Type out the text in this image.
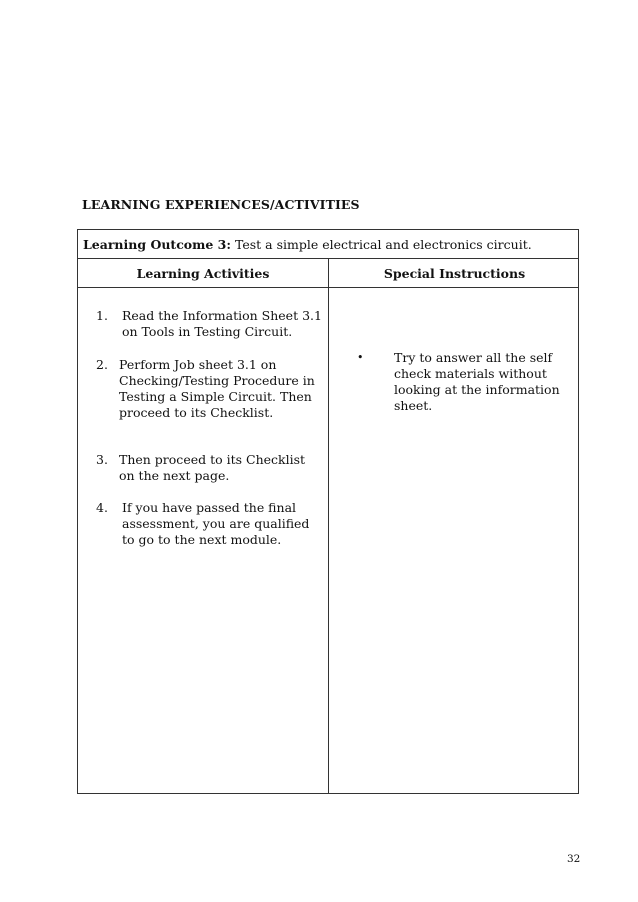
LEARNING EXPERIENCES/ACTIVITIES
Learning Outcome 3: Test a simple electrical and electronics circuit.
Learning Activities	Special Instructions
1. Read the Information Sheet 3.1
on Tools in Testing Circuit.
2. Perform Job sheet 3.1 on
Checking/Testing Procedure in
Testing a Simple Circuit. Then
proceed to its Checklist.
3. Then proceed to its Checklist
on the next page.
4. If you have passed the final
assessment, you are qualified
to go to the next module.
• Try to answer all the self
check materials without
looking at the information
sheet.
32
